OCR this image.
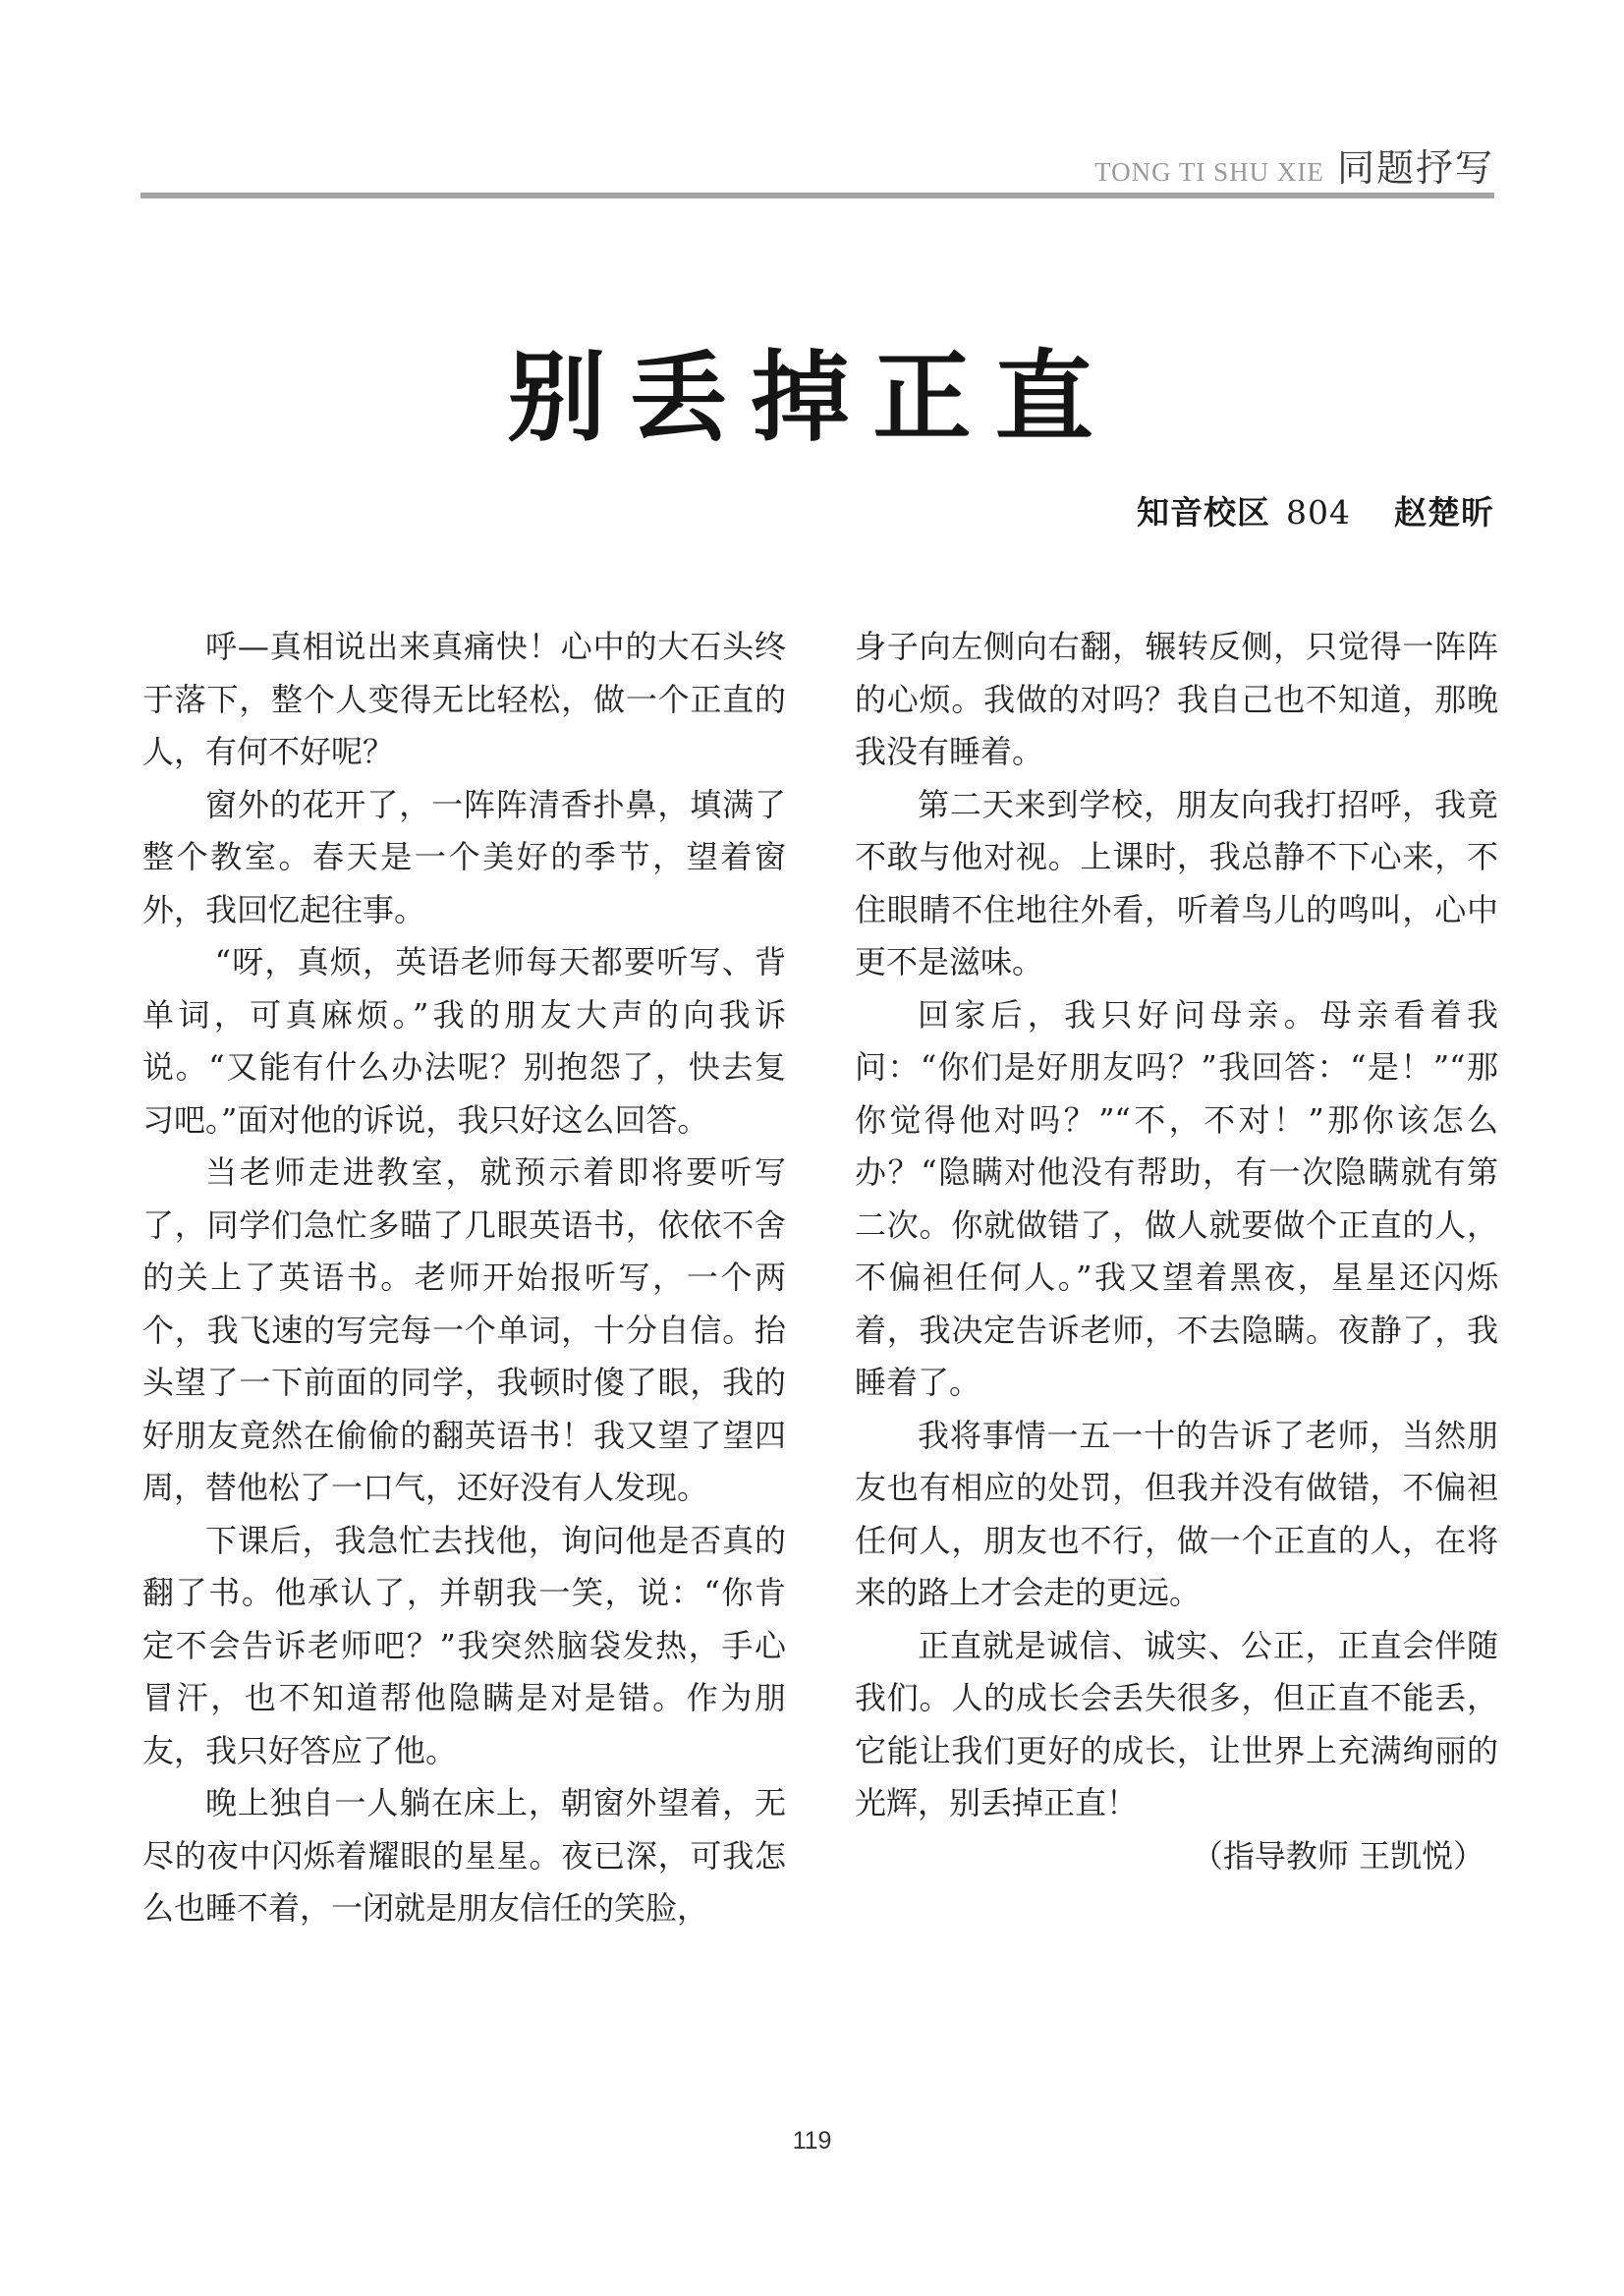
TONG TI SHU XIE 同题抒写
别丢掉正直
知音校区 804 赵楚昕

呼—真相说出来真痛快！心中的大石头终于落下，整个人变得无比轻松，做一个正直的人，有何不好呢？

窗外的花开了，一阵阵清香扑鼻，填满了整个教室。春天是一个美好的季节，望着窗外，我回忆起往事。

“呀，真烦，英语老师每天都要听写、背单词，可真麻烦。”我的朋友大声的向我诉说。“又能有什么办法呢？别抱怨了，快去复习吧。”面对他的诉说，我只好这么回答。

当老师走进教室，就预示着即将要听写了，同学们急忙多瞄了几眼英语书，依依不舍的关上了英语书。老师开始报听写，一个两个，我飞速的写完每一个单词，十分自信。抬头望了一下前面的同学，我顿时傻了眼，我的好朋友竟然在偷偷的翻英语书！我又望了望四周，替他松了一口气，还好没有人发现。

下课后，我急忙去找他，询问他是否真的翻了书。他承认了，并朝我一笑，说：“你肯定不会告诉老师吧？”我突然脑袋发热，手心冒汗，也不知道帮他隐瞒是对是错。作为朋友，我只好答应了他。

晚上独自一人躺在床上，朝窗外望着，无尽的夜中闪烁着耀眼的星星。夜已深，可我怎么也睡不着，一闭就是朋友信任的笑脸，

身子向左侧向右翻，辗转反侧，只觉得一阵阵的心烦。我做的对吗？我自己也不知道，那晚我没有睡着。

第二天来到学校，朋友向我打招呼，我竟不敢与他对视。上课时，我总静不下心来，不住眼睛不住地往外看，听着鸟儿的鸣叫，心中更不是滋味。

回家后，我只好问母亲。母亲看着我问：“你们是好朋友吗？”我回答：“是！”“那你觉得他对吗？”“不，不对！”那你该怎么办？“隐瞒对他没有帮助，有一次隐瞒就有第二次。你就做错了，做人就要做个正直的人，不偏袒任何人。”我又望着黑夜，星星还闪烁着，我决定告诉老师，不去隐瞒。夜静了，我睡着了。

我将事情一五一十的告诉了老师，当然朋友也有相应的处罚，但我并没有做错，不偏袒任何人，朋友也不行，做一个正直的人，在将来的路上才会走的更远。

正直就是诚信、诚实、公正，正直会伴随我们。人的成长会丢失很多，但正直不能丢，它能让我们更好的成长，让世界上充满绚丽的光辉，别丢掉正直！

（指导教师 王凯悦）

119
